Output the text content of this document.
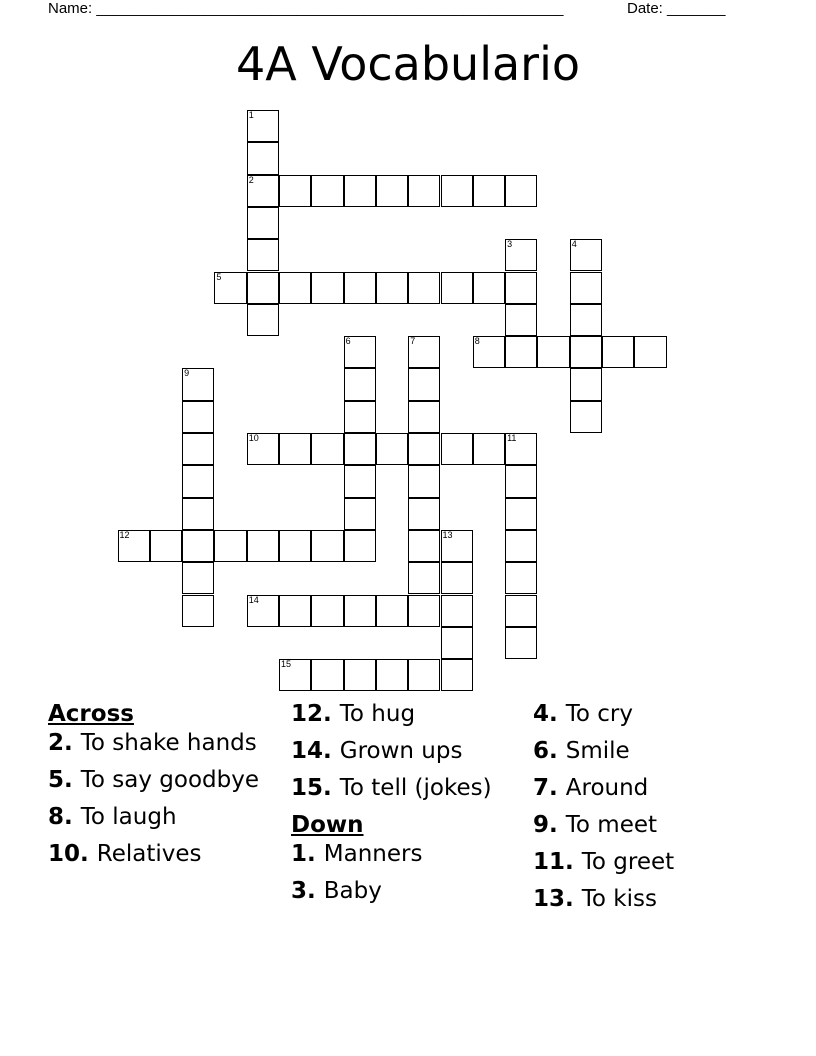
Name: ________________________________________________________	Date: _______
4A Vocabulario
1
2
3	4
5
6	7	8
9
10	11
12	13
14
15
Across
2. To shake hands
5. To say goodbye
8. To laugh
10. Relatives
12. To hug
14. Grown ups
15. To tell (jokes)
Down
1. Manners
3. Baby
4. To cry
6. Smile
7. Around
9. To meet
11. To greet
13. To kiss
